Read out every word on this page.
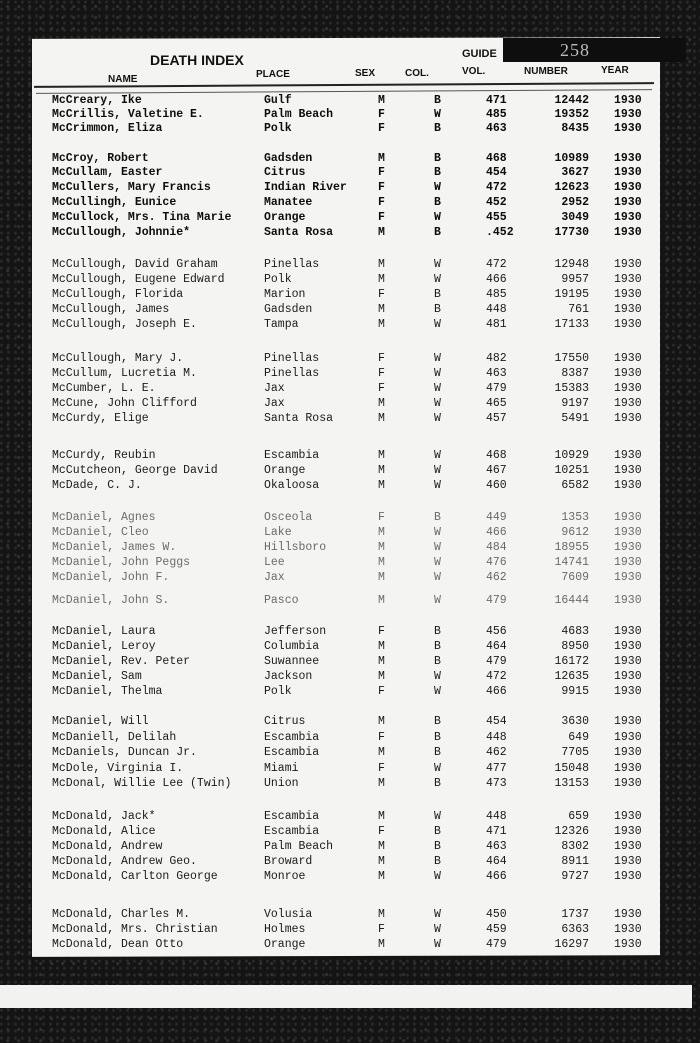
258
DEATH INDEX	GUIDE
NAME	PLACE	SEX	COL.	VOL.	NUMBER	YEAR
McCreary, Ike	Gulf	M	B	471	12442 1930
McCrillis, Valetine E.	Palm Beach	F	W	485	19352 1930
McCrimmon, Eliza	Polk	F	B	463	8435 1930
McCroy, Robert	Gadsden	M	B	468	10989 1930
McCullam, Easter	Citrus	F	B	454	3627 1930
McCullers, Mary Francis	Indian River	F	W	472	12623 1930
McCullingh, Eunice	Manatee	F	B	452	2952 1930
McCullock, Mrs. Tina Marie	Orange	F	W	455	3049 1930
McCullough, Johnnie*	Santa Rosa	M	B	.452	17730 1930
McCullough, David Graham	Pinellas	M	W	472	12948 1930
McCullough, Eugene Edward	Polk	M	W	466	9957 1930
McCullough, Florida	Marion	F	B	485	19195 1930
McCullough, James	Gadsden	M	B	448	761 1930
McCullough, Joseph E.	Tampa	M	W	481	17133 1930
McCullough, Mary J.	Pinellas	F	W	482	17550 1930
McCullum, Lucretia M.	Pinellas	F	W	463	8387 1930
McCumber, L. E.	Jax	F	W	479	15383 1930
McCune, John Clifford	Jax	M	W	465	9197 1930
McCurdy, Elige	Santa Rosa	M	W	457	5491 1930
McCurdy, Reubin	Escambia	M	W	468	10929 1930
McCutcheon, George David	Orange	M	W	467	10251 1930
McDade, C. J.	Okaloosa	M	W	460	6582 1930
McDaniel, Agnes	Osceola	F	B	449	1353 1930
McDaniel, Cleo	Lake	M	W	466	9612 1930
McDaniel, James W.	Hillsboro	M	W	484	18955 1930
McDaniel, John Peggs	Lee	M	W	476	14741 1930
McDaniel, John F.	Jax	M	W	462	7609 1930
McDaniel, John S.	Pasco	M	W	479	16444 1930
McDaniel, Laura	Jefferson	F	B	456	4683 1930
McDaniel, Leroy	Columbia	M	B	464	8950 1930
McDaniel, Rev. Peter	Suwannee	M	B	479	16172 1930
McDaniel, Sam	Jackson	M	W	472	12635 1930
McDaniel, Thelma	Polk	F	W	466	9915 1930
McDaniel, Will	Citrus	M	B	454	3630 1930
McDaniell, Delilah	Escambia	F	B	448	649 1930
McDaniels, Duncan Jr.	Escambia	M	B	462	7705 1930
McDole, Virginia I.	Miami	F	W	477	15048 1930
McDonal, Willie Lee (Twin)	Union	M	B	473	13153 1930
McDonald, Jack*	Escambia	M	W	448	659 1930
McDonald, Alice	Escambia	F	B	471	12326 1930
McDonald, Andrew	Palm Beach	M	B	463	8302 1930
McDonald, Andrew Geo.	Broward	M	B	464	8911 1930
McDonald, Carlton George	Monroe	M	W	466	9727 1930
McDonald, Charles M.	Volusia	M	W	450	1737 1930
McDonald, Mrs. Christian	Holmes	F	W	459	6363 1930
McDonald, Dean Otto	Orange	M	W	479	16297 1930
